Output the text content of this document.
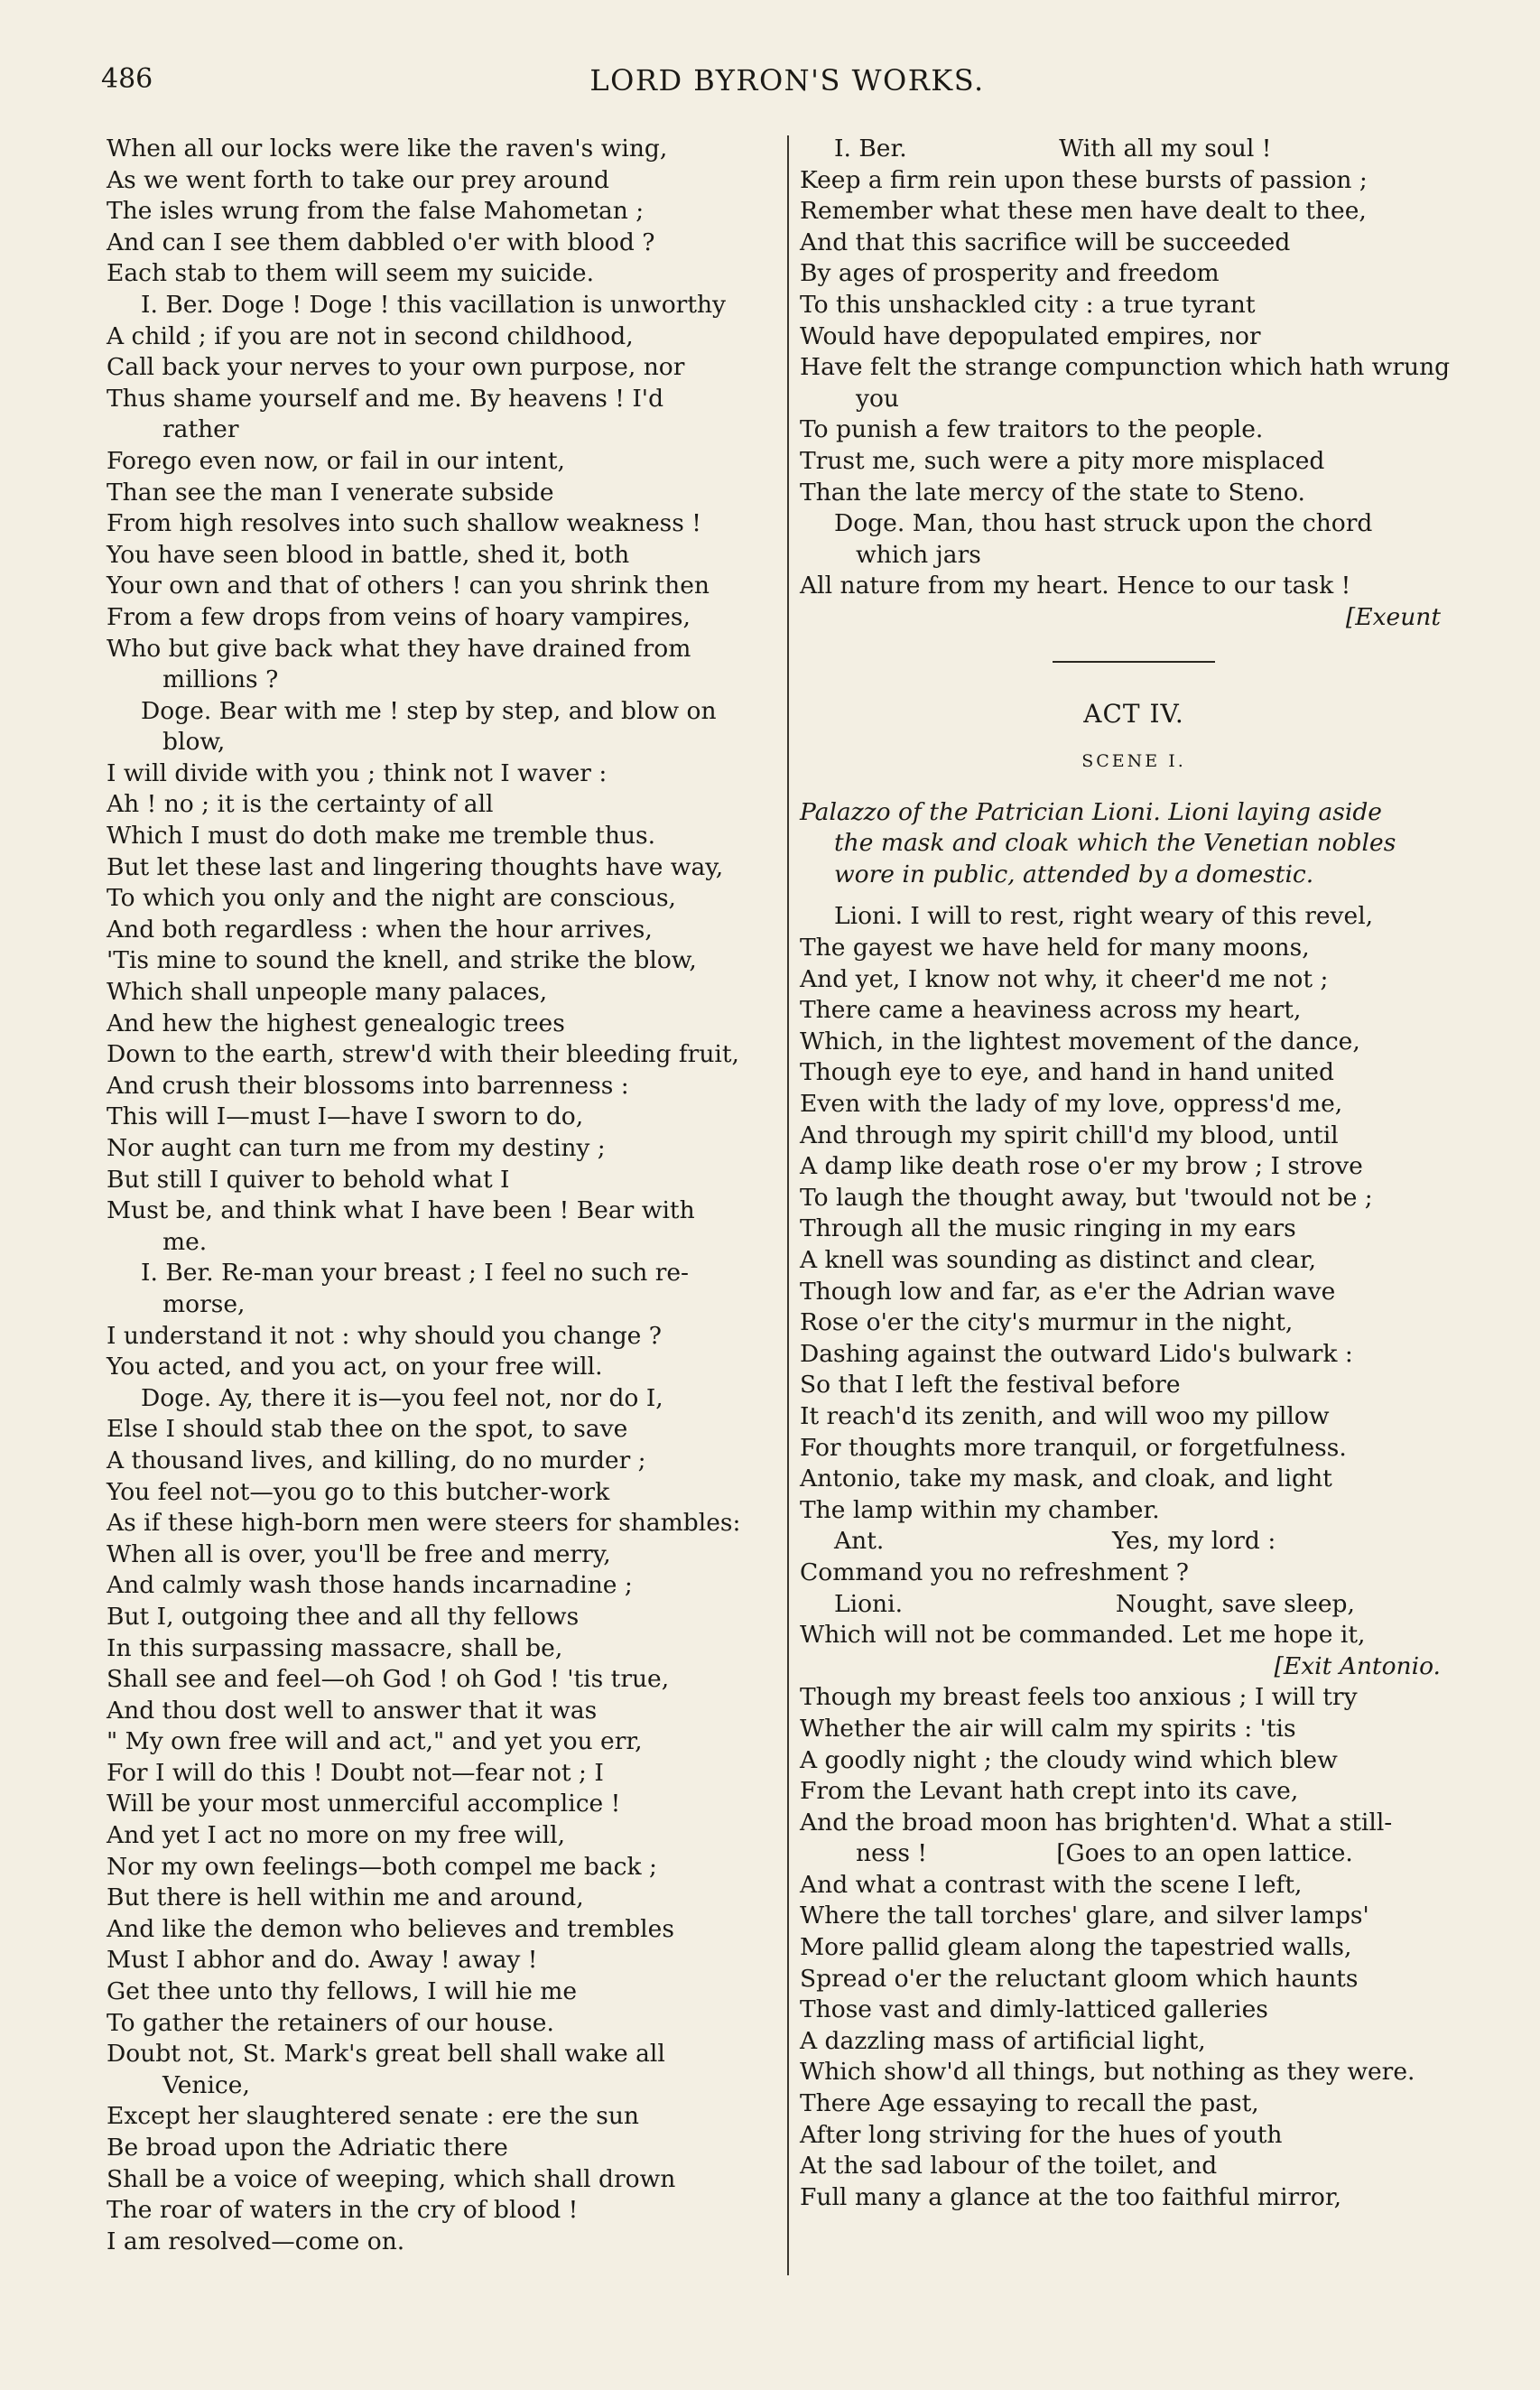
486	LORD BYRON'S WORKS.
When all our locks were like the raven's wing,
As we went forth to take our prey around
The isles wrung from the false Mahometan ;
And can I see them dabbled o'er with blood ?
Each stab to them will seem my suicide.
I. Ber. Doge ! Doge ! this vacillation is unworthy
A child ; if you are not in second childhood,
Call back your nerves to your own purpose, nor
Thus shame yourself and me. By heavens ! I'd
rather
Forego even now, or fail in our intent,
Than see the man I venerate subside
From high resolves into such shallow weakness !
You have seen blood in battle, shed it, both
Your own and that of others ! can you shrink then
From a few drops from veins of hoary vampires,
Who but give back what they have drained from
millions ?
Doge. Bear with me ! step by step, and blow on
blow,
I will divide with you ; think not I waver :
Ah ! no ; it is the certainty of all
Which I must do doth make me tremble thus.
But let these last and lingering thoughts have way,
To which you only and the night are conscious,
And both regardless : when the hour arrives,
'Tis mine to sound the knell, and strike the blow,
Which shall unpeople many palaces,
And hew the highest genealogic trees
Down to the earth, strew'd with their bleeding fruit,
And crush their blossoms into barrenness :
This will I—must I—have I sworn to do,
Nor aught can turn me from my destiny ;
But still I quiver to behold what I
Must be, and think what I have been ! Bear with
me.
I. Ber. Re-man your breast ; I feel no such re-
morse,
I understand it not : why should you change ?
You acted, and you act, on your free will.
Doge. Ay, there it is—you feel not, nor do I,
Else I should stab thee on the spot, to save
A thousand lives, and killing, do no murder ;
You feel not—you go to this butcher-work
As if these high-born men were steers for shambles:
When all is over, you'll be free and merry,
And calmly wash those hands incarnadine ;
But I, outgoing thee and all thy fellows
In this surpassing massacre, shall be,
Shall see and feel—oh God ! oh God ! 'tis true,
And thou dost well to answer that it was
" My own free will and act," and yet you err,
For I will do this ! Doubt not—fear not ; I
Will be your most unmerciful accomplice !
And yet I act no more on my free will,
Nor my own feelings—both compel me back ;
But there is hell within me and around,
And like the demon who believes and trembles
Must I abhor and do. Away ! away !
Get thee unto thy fellows, I will hie me
To gather the retainers of our house.
Doubt not, St. Mark's great bell shall wake all
Venice,
Except her slaughtered senate : ere the sun
Be broad upon the Adriatic there
Shall be a voice of weeping, which shall drown
The roar of waters in the cry of blood !
I am resolved—come on.
I. Ber.                    With all my soul !
Keep a firm rein upon these bursts of passion ;
Remember what these men have dealt to thee,
And that this sacrifice will be succeeded
By ages of prosperity and freedom
To this unshackled city : a true tyrant
Would have depopulated empires, nor
Have felt the strange compunction which hath wrung
you
To punish a few traitors to the people.
Trust me, such were a pity more misplaced
Than the late mercy of the state to Steno.
Doge. Man, thou hast struck upon the chord
which jars
All nature from my heart. Hence to our task !
[Exeunt
ACT IV.
SCENE I.
Palazzo of the Patrician Lioni. Lioni laying aside
the mask and cloak which the Venetian nobles
wore in public, attended by a domestic.
Lioni. I will to rest, right weary of this revel,
The gayest we have held for many moons,
And yet, I know not why, it cheer'd me not ;
There came a heaviness across my heart,
Which, in the lightest movement of the dance,
Though eye to eye, and hand in hand united
Even with the lady of my love, oppress'd me,
And through my spirit chill'd my blood, until
A damp like death rose o'er my brow ; I strove
To laugh the thought away, but 'twould not be ;
Through all the music ringing in my ears
A knell was sounding as distinct and clear,
Though low and far, as e'er the Adrian wave
Rose o'er the city's murmur in the night,
Dashing against the outward Lido's bulwark :
So that I left the festival before
It reach'd its zenith, and will woo my pillow
For thoughts more tranquil, or forgetfulness.
Antonio, take my mask, and cloak, and light
The lamp within my chamber.
Ant.                              Yes, my lord :
Command you no refreshment ?
Lioni.                            Nought, save sleep,
Which will not be commanded. Let me hope it,
[Exit Antonio.
Though my breast feels too anxious ; I will try
Whether the air will calm my spirits : 'tis
A goodly night ; the cloudy wind which blew
From the Levant hath crept into its cave,
And the broad moon has brighten'd. What a still-
ness !                 [Goes to an open lattice.
And what a contrast with the scene I left,
Where the tall torches' glare, and silver lamps'
More pallid gleam along the tapestried walls,
Spread o'er the reluctant gloom which haunts
Those vast and dimly-latticed galleries
A dazzling mass of artificial light,
Which show'd all things, but nothing as they were.
There Age essaying to recall the past,
After long striving for the hues of youth
At the sad labour of the toilet, and
Full many a glance at the too faithful mirror,
